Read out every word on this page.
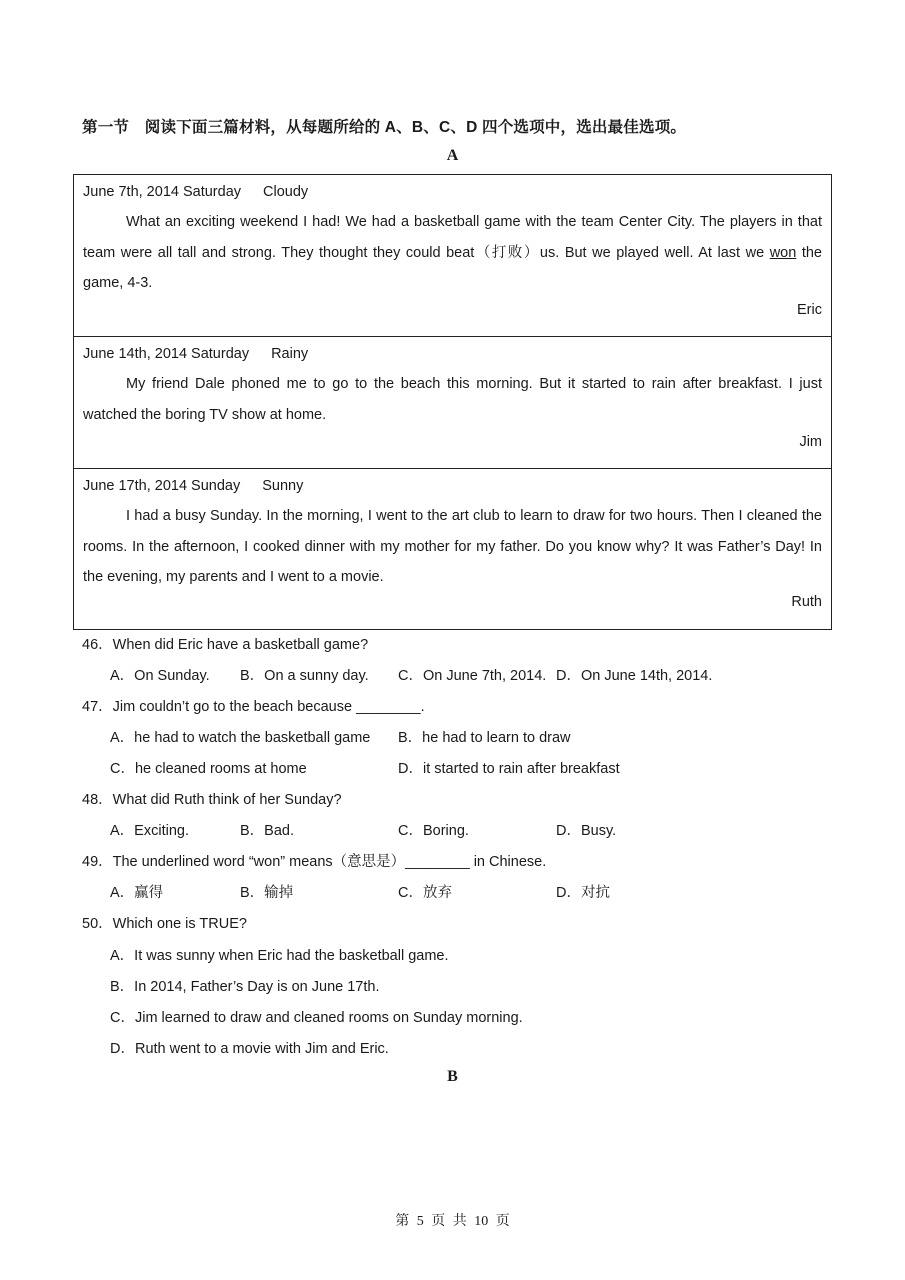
第一节　阅读下面三篇材料，从每题所给的 A、B、C、D 四个选项中，选出最佳选项。
A
June 7th, 2014 Saturday Cloudy
What an exciting weekend I had! We had a basketball game with the team Center City. The players in that team were all tall and strong. They thought they could beat（打败）us. But we played well. At last we won the game, 4-3.
Eric
June 14th, 2014 Saturday Rainy
My friend Dale phoned me to go to the beach this morning. But it started to rain after breakfast. I just watched the boring TV show at home.
Jim
June 17th, 2014 Sunday Sunny
I had a busy Sunday. In the morning, I went to the art club to learn to draw for two hours. Then I cleaned the rooms. In the afternoon, I cooked dinner with my mother for my father. Do you know why? It was Father’s Day! In the evening, my parents and I went to a movie.
Ruth
46．When did Eric have a basketball game?
A．On Sunday. B．On a sunny day. C．On June 7th, 2014. D．On June 14th, 2014.
47．Jim couldn’t go to the beach because ________.
A．he had to watch the basketball game B．he had to learn to draw
C．he cleaned rooms at home	D．it started to rain after breakfast
48．What did Ruth think of her Sunday?
A．Exciting.	B．Bad.	C．Boring.	D．Busy.
49．The underlined word “won” means（意思是）________ in Chinese.
A．赢得	B．输掉	C．放弃	D．对抗
50．Which one is TRUE?
A．It was sunny when Eric had the basketball game.
B．In 2014, Father’s Day is on June 17th.
C．Jim learned to draw and cleaned rooms on Sunday morning.
D．Ruth went to a movie with Jim and Eric.
B
第 5 页 共 10 页
